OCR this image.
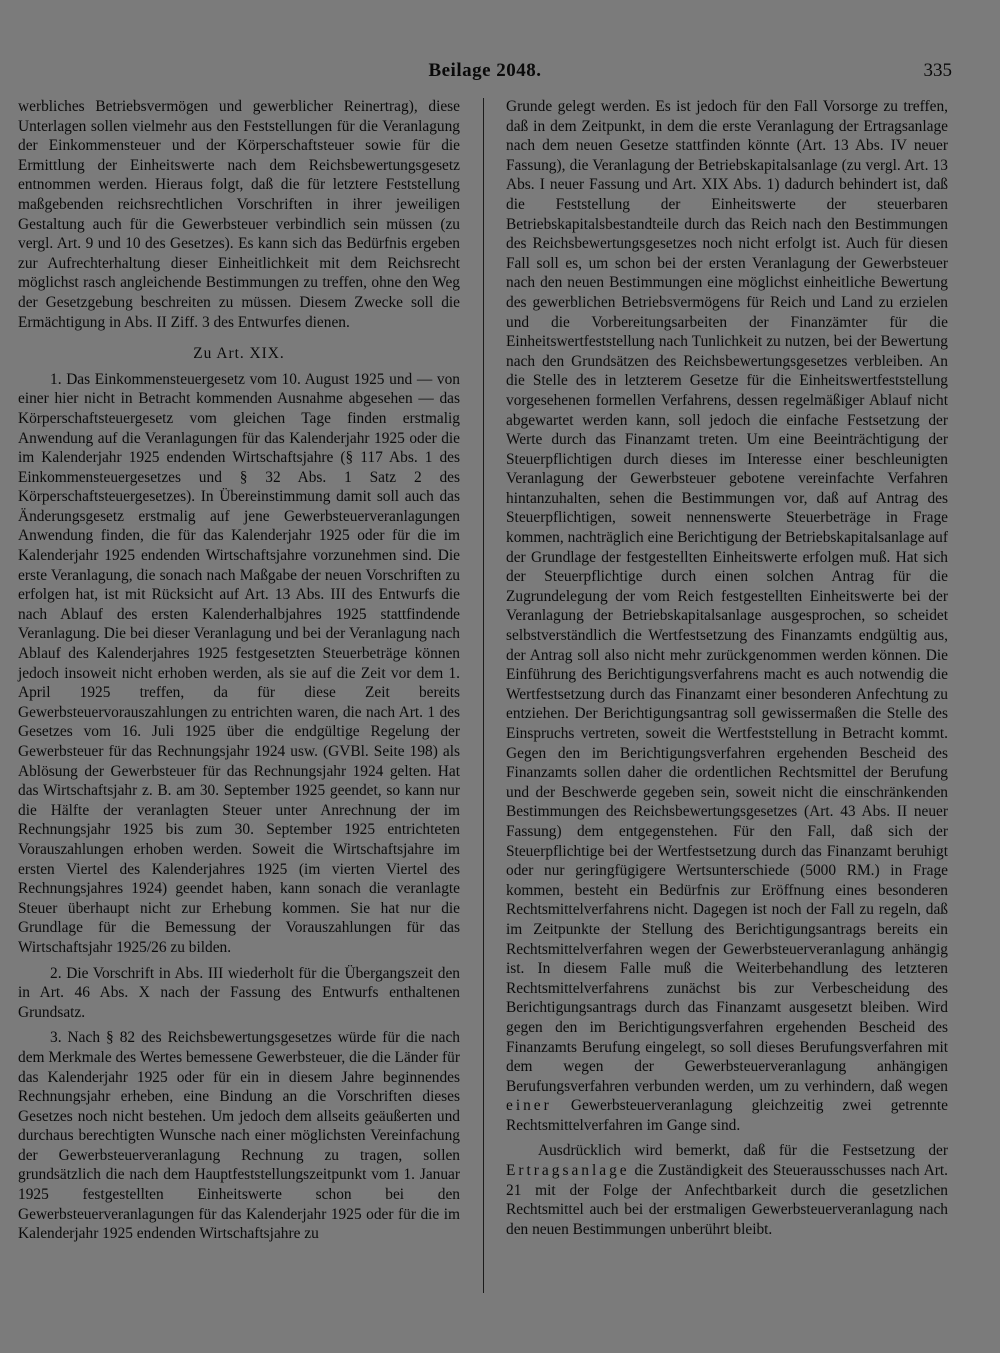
Beilage 2048.	335

werbliches Betriebsvermögen und gewerblicher Reinertrag), diese Unterlagen sollen vielmehr aus den Feststellungen für die Veranlagung der Einkommensteuer und der Körperschaftsteuer sowie für die Ermittlung der Einheitswerte nach dem Reichsbewertungsgesetz entnommen werden. Hieraus folgt, daß die für letztere Feststellung maßgebenden reichsrechtlichen Vorschriften in ihrer jeweiligen Gestaltung auch für die Gewerbsteuer verbindlich sein müssen (zu vergl. Art. 9 und 10 des Gesetzes). Es kann sich das Bedürfnis ergeben zur Aufrechterhaltung dieser Einheitlichkeit mit dem Reichsrecht möglichst rasch angleichende Bestimmungen zu treffen, ohne den Weg der Gesetzgebung beschreiten zu müssen. Diesem Zwecke soll die Ermächtigung in Abs. II Ziff. 3 des Entwurfes dienen.

Zu Art. XIX.

1. Das Einkommensteuergesetz vom 10. August 1925 und — von einer hier nicht in Betracht kommenden Ausnahme abgesehen — das Körperschaftsteuergesetz vom gleichen Tage finden erstmalig Anwendung auf die Veranlagungen für das Kalenderjahr 1925 oder die im Kalenderjahr 1925 endenden Wirtschaftsjahre (§ 117 Abs. 1 des Einkommensteuergesetzes und § 32 Abs. 1 Satz 2 des Körperschaftsteuergesetzes). In Übereinstimmung damit soll auch das Änderungsgesetz erstmalig auf jene Gewerbsteuerveranlagungen Anwendung finden, die für das Kalenderjahr 1925 oder für die im Kalenderjahr 1925 endenden Wirtschaftsjahre vorzunehmen sind. Die erste Veranlagung, die sonach nach Maßgabe der neuen Vorschriften zu erfolgen hat, ist mit Rücksicht auf Art. 13 Abs. III des Entwurfs die nach Ablauf des ersten Kalenderhalbjahres 1925 stattfindende Veranlagung. Die bei dieser Veranlagung und bei der Veranlagung nach Ablauf des Kalenderjahres 1925 festgesetzten Steuerbeträge können jedoch insoweit nicht erhoben werden, als sie auf die Zeit vor dem 1. April 1925 treffen, da für diese Zeit bereits Gewerbsteuervorauszahlungen zu entrichten waren, die nach Art. 1 des Gesetzes vom 16. Juli 1925 über die endgültige Regelung der Gewerbsteuer für das Rechnungsjahr 1924 usw. (GVBl. Seite 198) als Ablösung der Gewerbsteuer für das Rechnungsjahr 1924 gelten. Hat das Wirtschaftsjahr z. B. am 30. September 1925 geendet, so kann nur die Hälfte der veranlagten Steuer unter Anrechnung der im Rechnungsjahr 1925 bis zum 30. September 1925 entrichteten Vorauszahlungen erhoben werden. Soweit die Wirtschaftsjahre im ersten Viertel des Kalenderjahres 1925 (im vierten Viertel des Rechnungsjahres 1924) geendet haben, kann sonach die veranlagte Steuer überhaupt nicht zur Erhebung kommen. Sie hat nur die Grundlage für die Bemessung der Vorauszahlungen für das Wirtschaftsjahr 1925/26 zu bilden.

2. Die Vorschrift in Abs. III wiederholt für die Übergangszeit den in Art. 46 Abs. X nach der Fassung des Entwurfs enthaltenen Grundsatz.

3. Nach § 82 des Reichsbewertungsgesetzes würde für die nach dem Merkmale des Wertes bemessene Gewerbsteuer, die die Länder für das Kalenderjahr 1925 oder für ein in diesem Jahre beginnendes Rechnungsjahr erheben, eine Bindung an die Vorschriften dieses Gesetzes noch nicht bestehen. Um jedoch dem allseits geäußerten und durchaus berechtigten Wunsche nach einer möglichsten Vereinfachung der Gewerbsteuerveranlagung Rechnung zu tragen, sollen grundsätzlich die nach dem Hauptfeststellungszeitpunkt vom 1. Januar 1925 festgestellten Einheitswerte schon bei den Gewerbsteuerveranlagungen für das Kalenderjahr 1925 oder für die im Kalenderjahr 1925 endenden Wirtschaftsjahre zu

Grunde gelegt werden. Es ist jedoch für den Fall Vorsorge zu treffen, daß in dem Zeitpunkt, in dem die erste Veranlagung der Ertragsanlage nach dem neuen Gesetze stattfinden könnte (Art. 13 Abs. IV neuer Fassung), die Veranlagung der Betriebskapitalsanlage (zu vergl. Art. 13 Abs. I neuer Fassung und Art. XIX Abs. 1) dadurch behindert ist, daß die Feststellung der Einheitswerte der steuerbaren Betriebskapitalsbestandteile durch das Reich nach den Bestimmungen des Reichsbewertungsgesetzes noch nicht erfolgt ist. Auch für diesen Fall soll es, um schon bei der ersten Veranlagung der Gewerbsteuer nach den neuen Bestimmungen eine möglichst einheitliche Bewertung des gewerblichen Betriebsvermögens für Reich und Land zu erzielen und die Vorbereitungsarbeiten der Finanzämter für die Einheitswertfeststellung nach Tunlichkeit zu nutzen, bei der Bewertung nach den Grundsätzen des Reichsbewertungsgesetzes verbleiben. An die Stelle des in letzterem Gesetze für die Einheitswertfeststellung vorgesehenen formellen Verfahrens, dessen regelmäßiger Ablauf nicht abgewartet werden kann, soll jedoch die einfache Festsetzung der Werte durch das Finanzamt treten. Um eine Beeinträchtigung der Steuerpflichtigen durch dieses im Interesse einer beschleunigten Veranlagung der Gewerbsteuer gebotene vereinfachte Verfahren hintanzuhalten, sehen die Bestimmungen vor, daß auf Antrag des Steuerpflichtigen, soweit nennenswerte Steuerbeträge in Frage kommen, nachträglich eine Berichtigung der Betriebskapitalsanlage auf der Grundlage der festgestellten Einheitswerte erfolgen muß. Hat sich der Steuerpflichtige durch einen solchen Antrag für die Zugrundelegung der vom Reich festgestellten Einheitswerte bei der Veranlagung der Betriebskapitalsanlage ausgesprochen, so scheidet selbstverständlich die Wertfestsetzung des Finanzamts endgültig aus, der Antrag soll also nicht mehr zurückgenommen werden können. Die Einführung des Berichtigungsverfahrens macht es auch notwendig die Wertfestsetzung durch das Finanzamt einer besonderen Anfechtung zu entziehen. Der Berichtigungsantrag soll gewissermaßen die Stelle des Einspruchs vertreten, soweit die Wertfeststellung in Betracht kommt. Gegen den im Berichtigungsverfahren ergehenden Bescheid des Finanzamts sollen daher die ordentlichen Rechtsmittel der Berufung und der Beschwerde gegeben sein, soweit nicht die einschränkenden Bestimmungen des Reichsbewertungsgesetzes (Art. 43 Abs. II neuer Fassung) dem entgegenstehen. Für den Fall, daß sich der Steuerpflichtige bei der Wertfestsetzung durch das Finanzamt beruhigt oder nur geringfügigere Wertsunterschiede (5000 RM.) in Frage kommen, besteht ein Bedürfnis zur Eröffnung eines besonderen Rechtsmittelverfahrens nicht. Dagegen ist noch der Fall zu regeln, daß im Zeitpunkte der Stellung des Berichtigungsantrags bereits ein Rechtsmittelverfahren wegen der Gewerbsteuerveranlagung anhängig ist. In diesem Falle muß die Weiterbehandlung des letzteren Rechtsmittelverfahrens zunächst bis zur Verbescheidung des Berichtigungsantrags durch das Finanzamt ausgesetzt bleiben. Wird gegen den im Berichtigungsverfahren ergehenden Bescheid des Finanzamts Berufung eingelegt, so soll dieses Berufungsverfahren mit dem wegen der Gewerbsteuerveranlagung anhängigen Berufungsverfahren verbunden werden, um zu verhindern, daß wegen einer Gewerbsteuerveranlagung gleichzeitig zwei getrennte Rechtsmittelverfahren im Gange sind.

Ausdrücklich wird bemerkt, daß für die Festsetzung der Ertragsanlage die Zuständigkeit des Steuerausschusses nach Art. 21 mit der Folge der Anfechtbarkeit durch die gesetzlichen Rechtsmittel auch bei der erstmaligen Gewerbsteuerveranlagung nach den neuen Bestimmungen unberührt bleibt.
